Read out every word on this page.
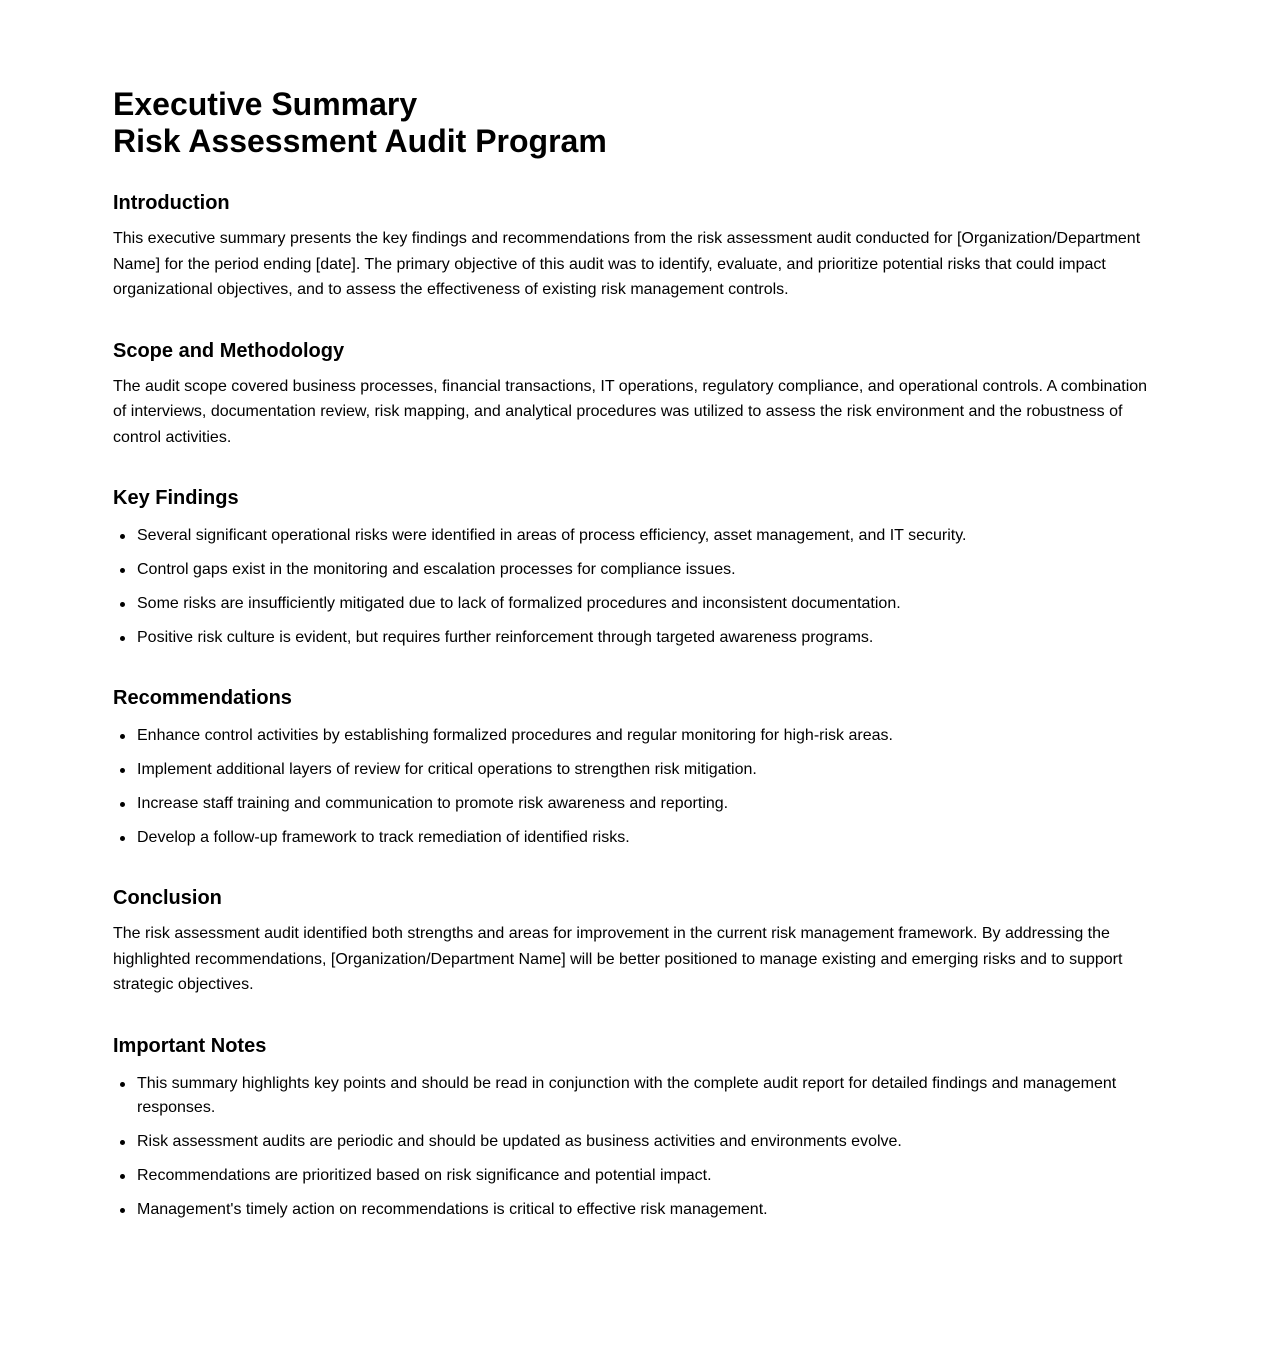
Executive Summary
Risk Assessment Audit Program
Introduction

This executive summary presents the key findings and recommendations from the risk assessment audit conducted for [Organization/Department Name] for the period ending [date]. The primary objective of this audit was to identify, evaluate, and prioritize potential risks that could impact organizational objectives, and to assess the effectiveness of existing risk management controls.

Scope and Methodology

The audit scope covered business processes, financial transactions, IT operations, regulatory compliance, and operational controls. A combination of interviews, documentation review, risk mapping, and analytical procedures was utilized to assess the risk environment and the robustness of control activities.

Key Findings
Several significant operational risks were identified in areas of process efficiency, asset management, and IT security.
Control gaps exist in the monitoring and escalation processes for compliance issues.
Some risks are insufficiently mitigated due to lack of formalized procedures and inconsistent documentation.
Positive risk culture is evident, but requires further reinforcement through targeted awareness programs.
Recommendations
Enhance control activities by establishing formalized procedures and regular monitoring for high-risk areas.
Implement additional layers of review for critical operations to strengthen risk mitigation.
Increase staff training and communication to promote risk awareness and reporting.
Develop a follow-up framework to track remediation of identified risks.
Conclusion

The risk assessment audit identified both strengths and areas for improvement in the current risk management framework. By addressing the highlighted recommendations, [Organization/Department Name] will be better positioned to manage existing and emerging risks and to support strategic objectives.

Important Notes
This summary highlights key points and should be read in conjunction with the complete audit report for detailed findings and management responses.
Risk assessment audits are periodic and should be updated as business activities and environments evolve.
Recommendations are prioritized based on risk significance and potential impact.
Management's timely action on recommendations is critical to effective risk management.
